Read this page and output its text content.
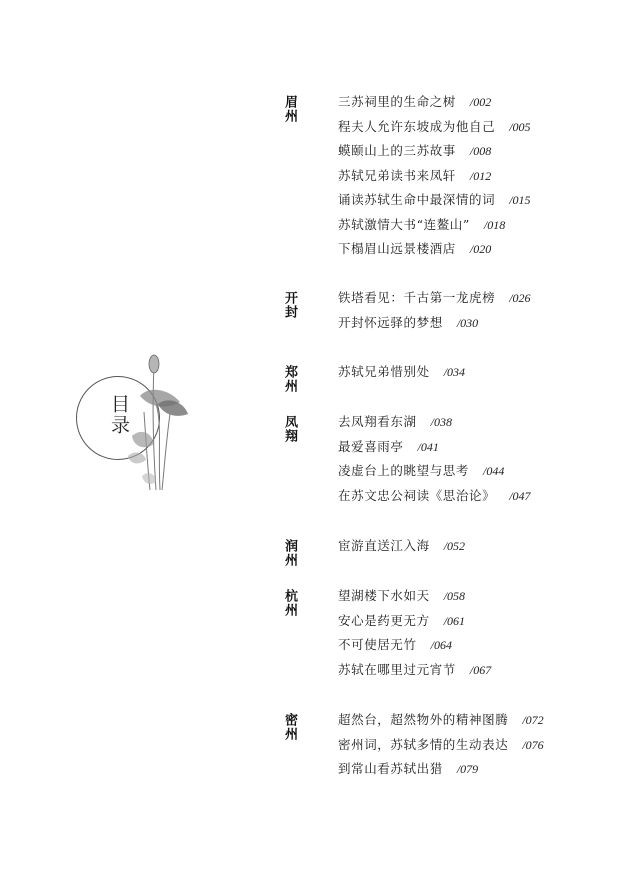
目录
眉州	三苏祠里的生命之树 /002
程夫人允许东坡成为他自己 /005
蟆颐山上的三苏故事 /008
苏轼兄弟读书来凤轩 /012
诵读苏轼生命中最深情的词 /015
苏轼激情大书“连鳌山” /018
下榻眉山远景楼酒店 /020
开封	铁塔看见：千古第一龙虎榜 /026
开封怀远驿的梦想 /030
郑州	苏轼兄弟惜别处 /034
凤翔	去凤翔看东湖 /038
最爱喜雨亭 /041
凌虚台上的眺望与思考 /044
在苏文忠公祠读《思治论》 /047
润州	宦游直送江入海 /052
杭州	望湖楼下水如天 /058
安心是药更无方 /061
不可使居无竹 /064
苏轼在哪里过元宵节 /067
密州	超然台，超然物外的精神图腾 /072
密州词，苏轼多情的生动表达 /076
到常山看苏轼出猎 /079
